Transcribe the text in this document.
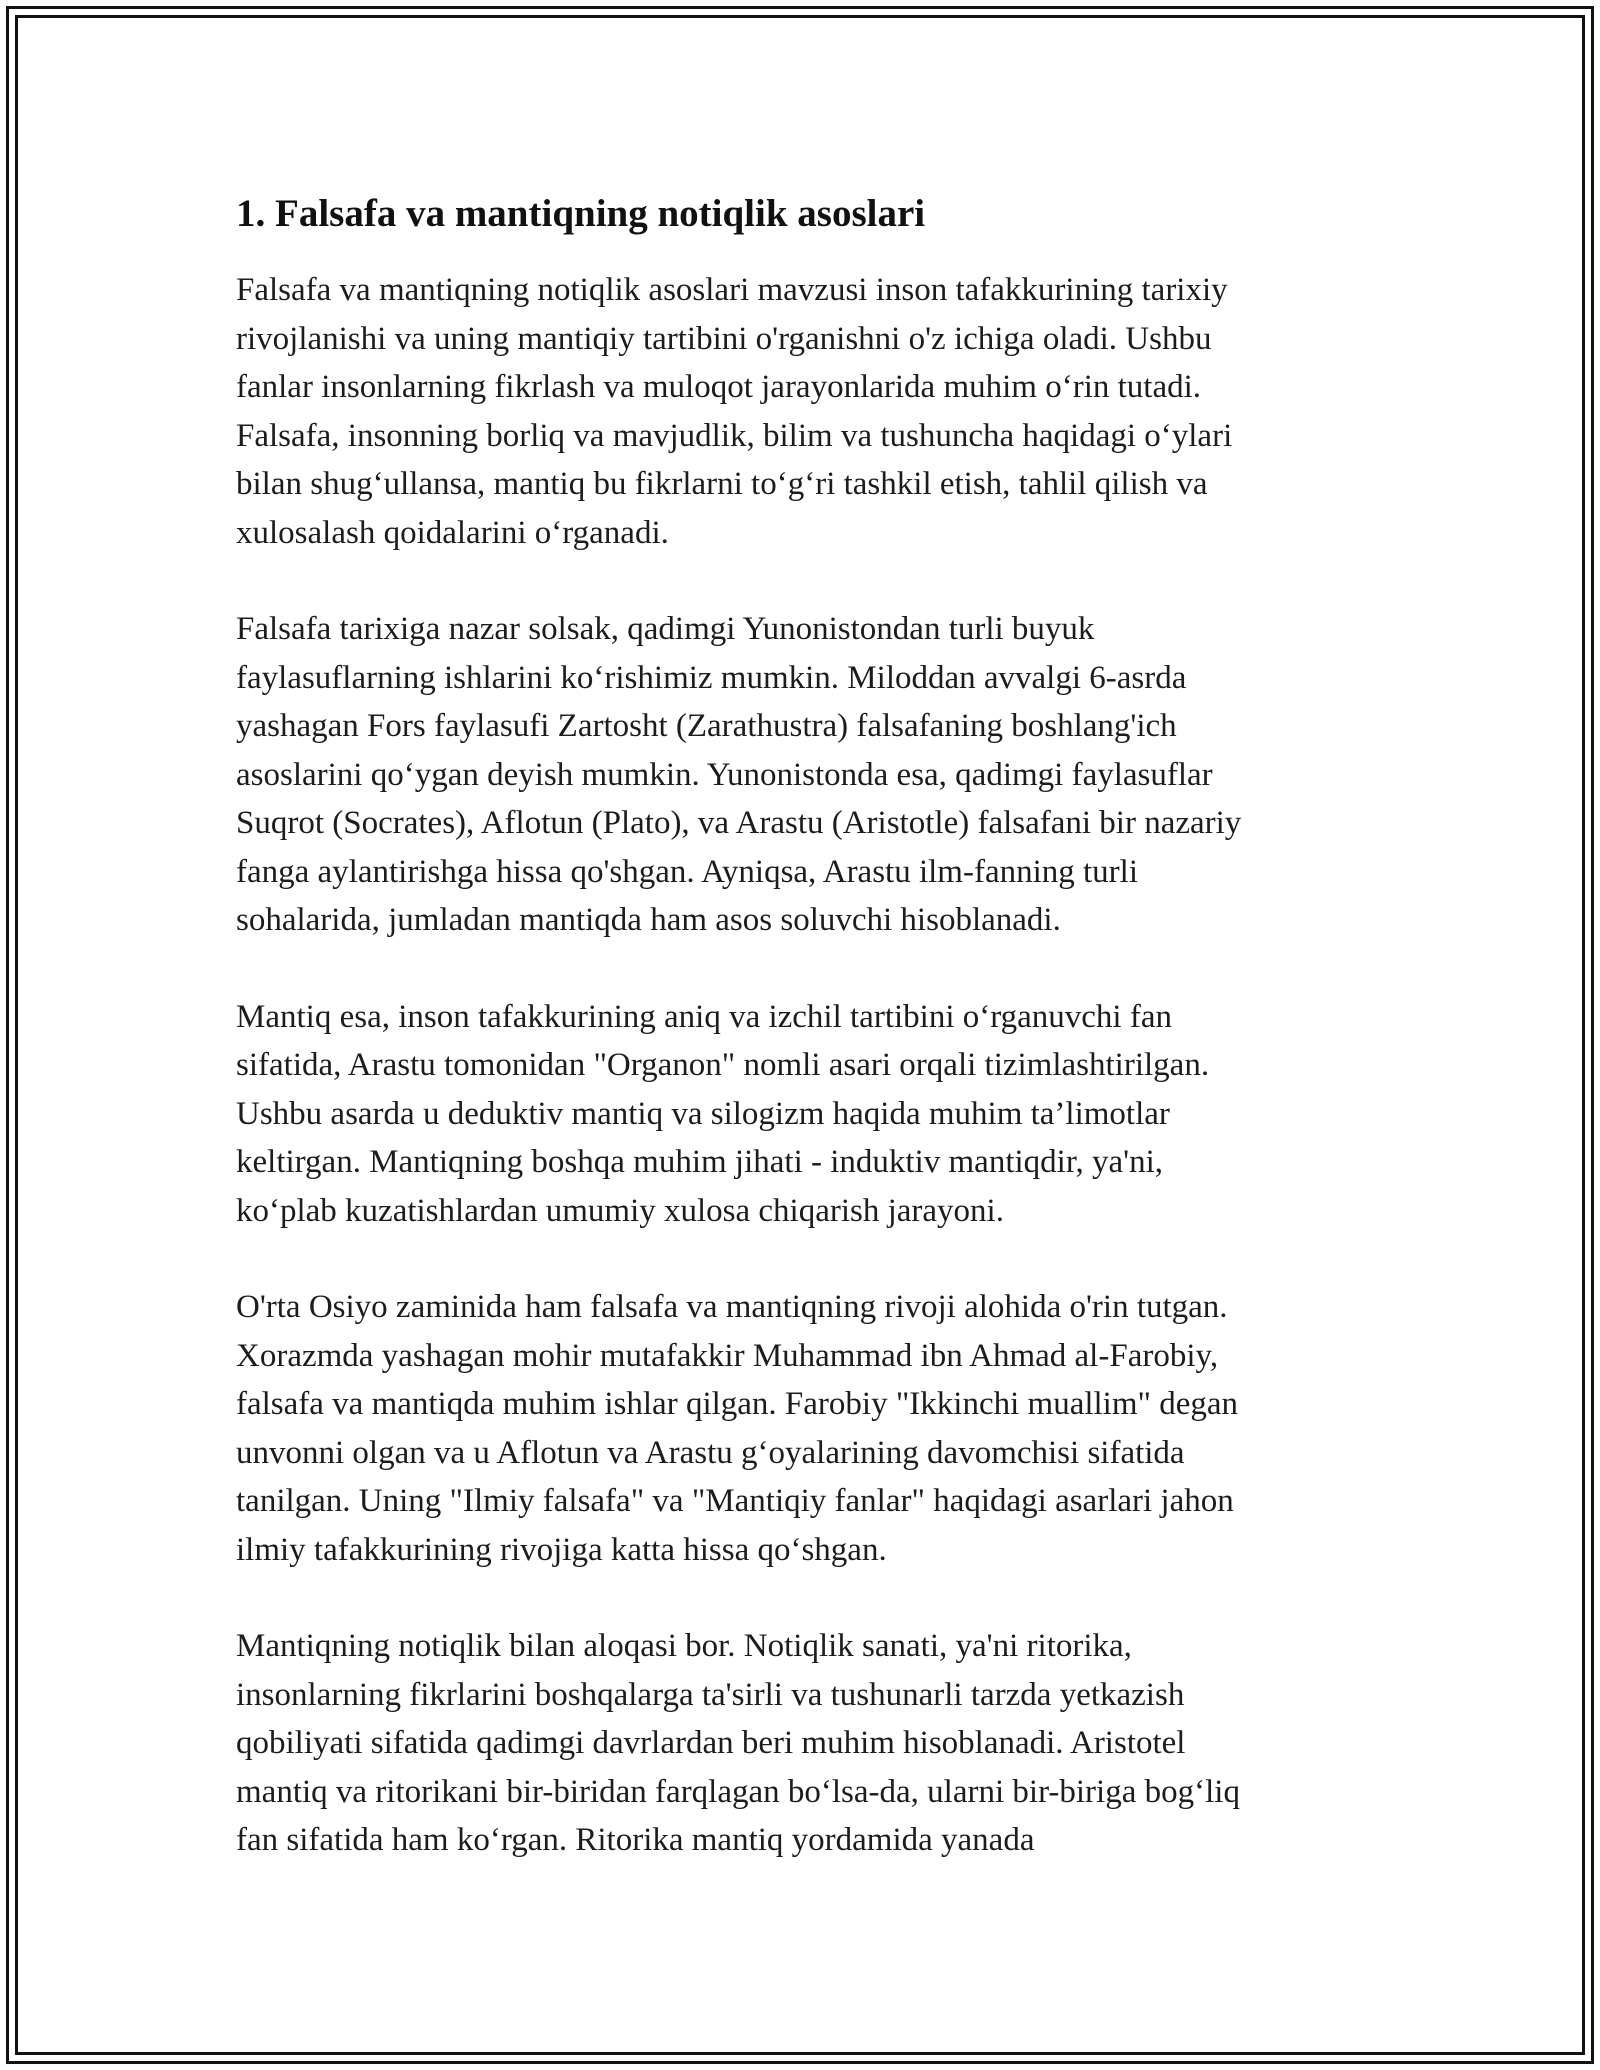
1. Falsafa va mantiqning notiqlik asoslari

Falsafa va mantiqning notiqlik asoslari mavzusi inson tafakkurining tarixiy
rivojlanishi va uning mantiqiy tartibini o'rganishni o'z ichiga oladi. Ushbu
fanlar insonlarning fikrlash va muloqot jarayonlarida muhim o‘rin tutadi.
Falsafa, insonning borliq va mavjudlik, bilim va tushuncha haqidagi o‘ylari
bilan shug‘ullansa, mantiq bu fikrlarni to‘g‘ri tashkil etish, tahlil qilish va
xulosalash qoidalarini o‘rganadi.

Falsafa tarixiga nazar solsak, qadimgi Yunonistondan turli buyuk
faylasuflarning ishlarini ko‘rishimiz mumkin. Miloddan avvalgi 6-asrda
yashagan Fors faylasufi Zartosht (Zarathustra) falsafaning boshlang'ich
asoslarini qo‘ygan deyish mumkin. Yunonistonda esa, qadimgi faylasuflar
Suqrot (Socrates), Aflotun (Plato), va Arastu (Aristotle) falsafani bir nazariy
fanga aylantirishga hissa qo'shgan. Ayniqsa, Arastu ilm-fanning turli
sohalarida, jumladan mantiqda ham asos soluvchi hisoblanadi.

Mantiq esa, inson tafakkurining aniq va izchil tartibini o‘rganuvchi fan
sifatida, Arastu tomonidan "Organon" nomli asari orqali tizimlashtirilgan.
Ushbu asarda u deduktiv mantiq va silogizm haqida muhim ta’limotlar
keltirgan. Mantiqning boshqa muhim jihati - induktiv mantiqdir, ya'ni,
ko‘plab kuzatishlardan umumiy xulosa chiqarish jarayoni.

O'rta Osiyo zaminida ham falsafa va mantiqning rivoji alohida o'rin tutgan.
Xorazmda yashagan mohir mutafakkir Muhammad ibn Ahmad al-Farobiy,
falsafa va mantiqda muhim ishlar qilgan. Farobiy "Ikkinchi muallim" degan
unvonni olgan va u Aflotun va Arastu g‘oyalarining davomchisi sifatida
tanilgan. Uning "Ilmiy falsafa" va "Mantiqiy fanlar" haqidagi asarlari jahon
ilmiy tafakkurining rivojiga katta hissa qo‘shgan.

Mantiqning notiqlik bilan aloqasi bor. Notiqlik sanati, ya'ni ritorika,
insonlarning fikrlarini boshqalarga ta'sirli va tushunarli tarzda yetkazish
qobiliyati sifatida qadimgi davrlardan beri muhim hisoblanadi. Aristotel
mantiq va ritorikani bir-biridan farqlagan bo‘lsa-da, ularni bir-biriga bog‘liq
fan sifatida ham ko‘rgan. Ritorika mantiq yordamida yanada
